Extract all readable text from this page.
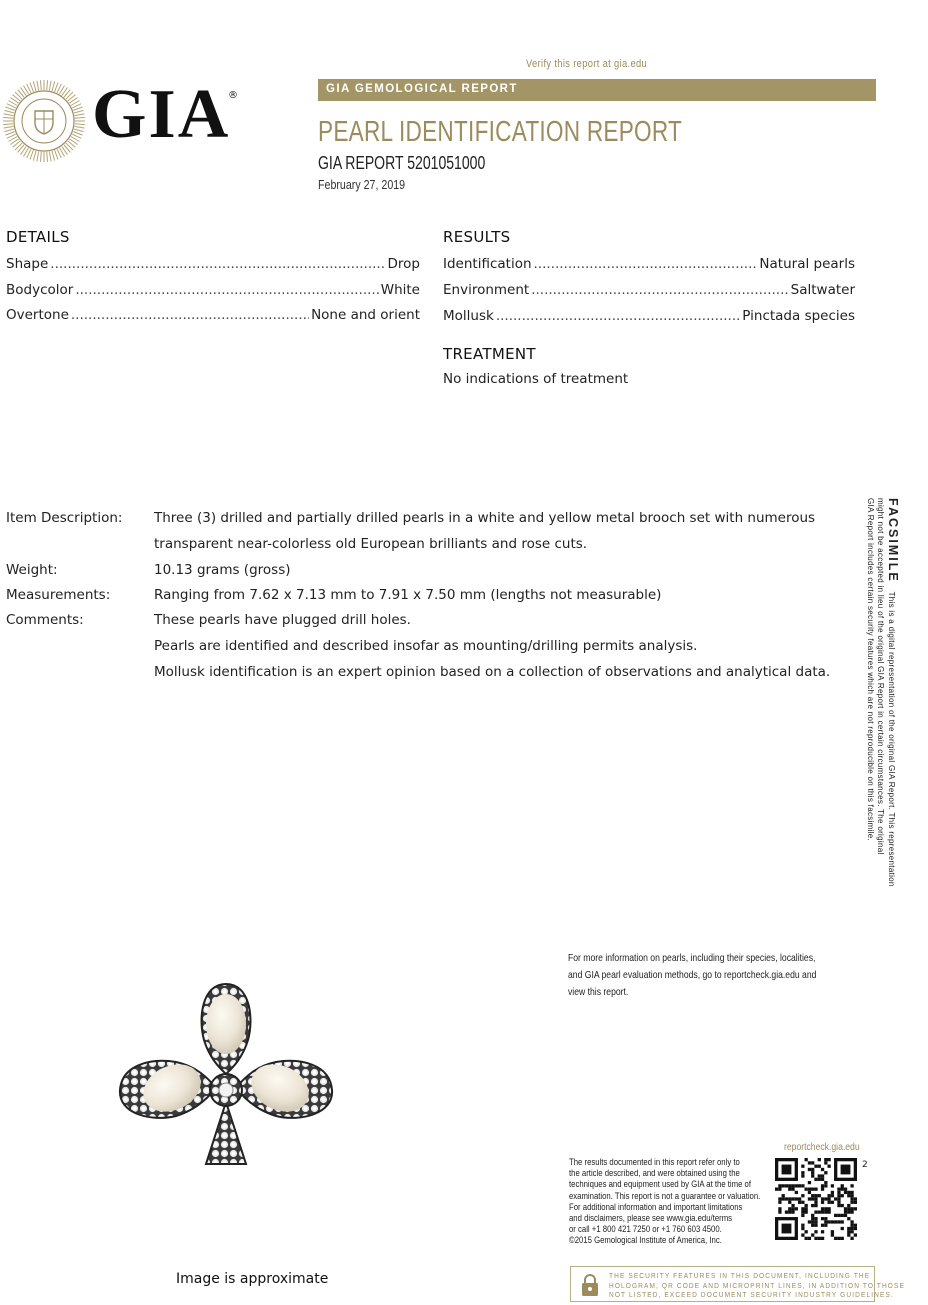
Verify this report at gia.edu
GIA GEMOLOGICAL REPORT
PEARL IDENTIFICATION REPORT
GIA REPORT 5201051000
February 27, 2019
GIA
®
DETAILS
Shape .....	Drop
Bodycolor .....	White
Overtone .....	None and orient
RESULTS
Identification .....	Natural pearls
Environment .....	Saltwater
Mollusk .....	Pinctada species
TREATMENT
No indications of treatment
Item Description: Three (3) drilled and partially drilled pearls in a white and yellow metal brooch set with numerous
transparent near-colorless old European brilliants and rose cuts.
Weight:	10.13 grams (gross)
Measurements:	Ranging from 7.62 x 7.13 mm to 7.91 x 7.50 mm (lengths not measurable)
Comments:	These pearls have plugged drill holes.
Pearls are identified and described insofar as mounting/drilling permits analysis.
Mollusk identification is an expert opinion based on a collection of observations and analytical data.
FACSIMILE  This is a digital representation of the original GIA Report. This representation
might not be accepted in lieu of the original GIA Report in certain circumstances. The original
GIA Report includes certain security features which are not reproducible on this facsimile.
Image is approximate
For more information on pearls, including their species, localities,
and GIA pearl evaluation methods, go to reportcheck.gia.edu and
view this report.
reportcheck.gia.edu
The results documented in this report refer only to
the article described, and were obtained using the
techniques and equipment used by GIA at the time of
examination. This report is not a guarantee or valuation.
For additional information and important limitations
and disclaimers, please see www.gia.edu/terms
or call +1 800 421 7250 or +1 760 603 4500.
©2015 Gemological Institute of America, Inc.
2
THE SECURITY FEATURES IN THIS DOCUMENT, INCLUDING THE
HOLOGRAM, QR CODE AND MICROPRINT LINES, IN ADDITION TO THOSE
NOT LISTED, EXCEED DOCUMENT SECURITY INDUSTRY GUIDELINES.
